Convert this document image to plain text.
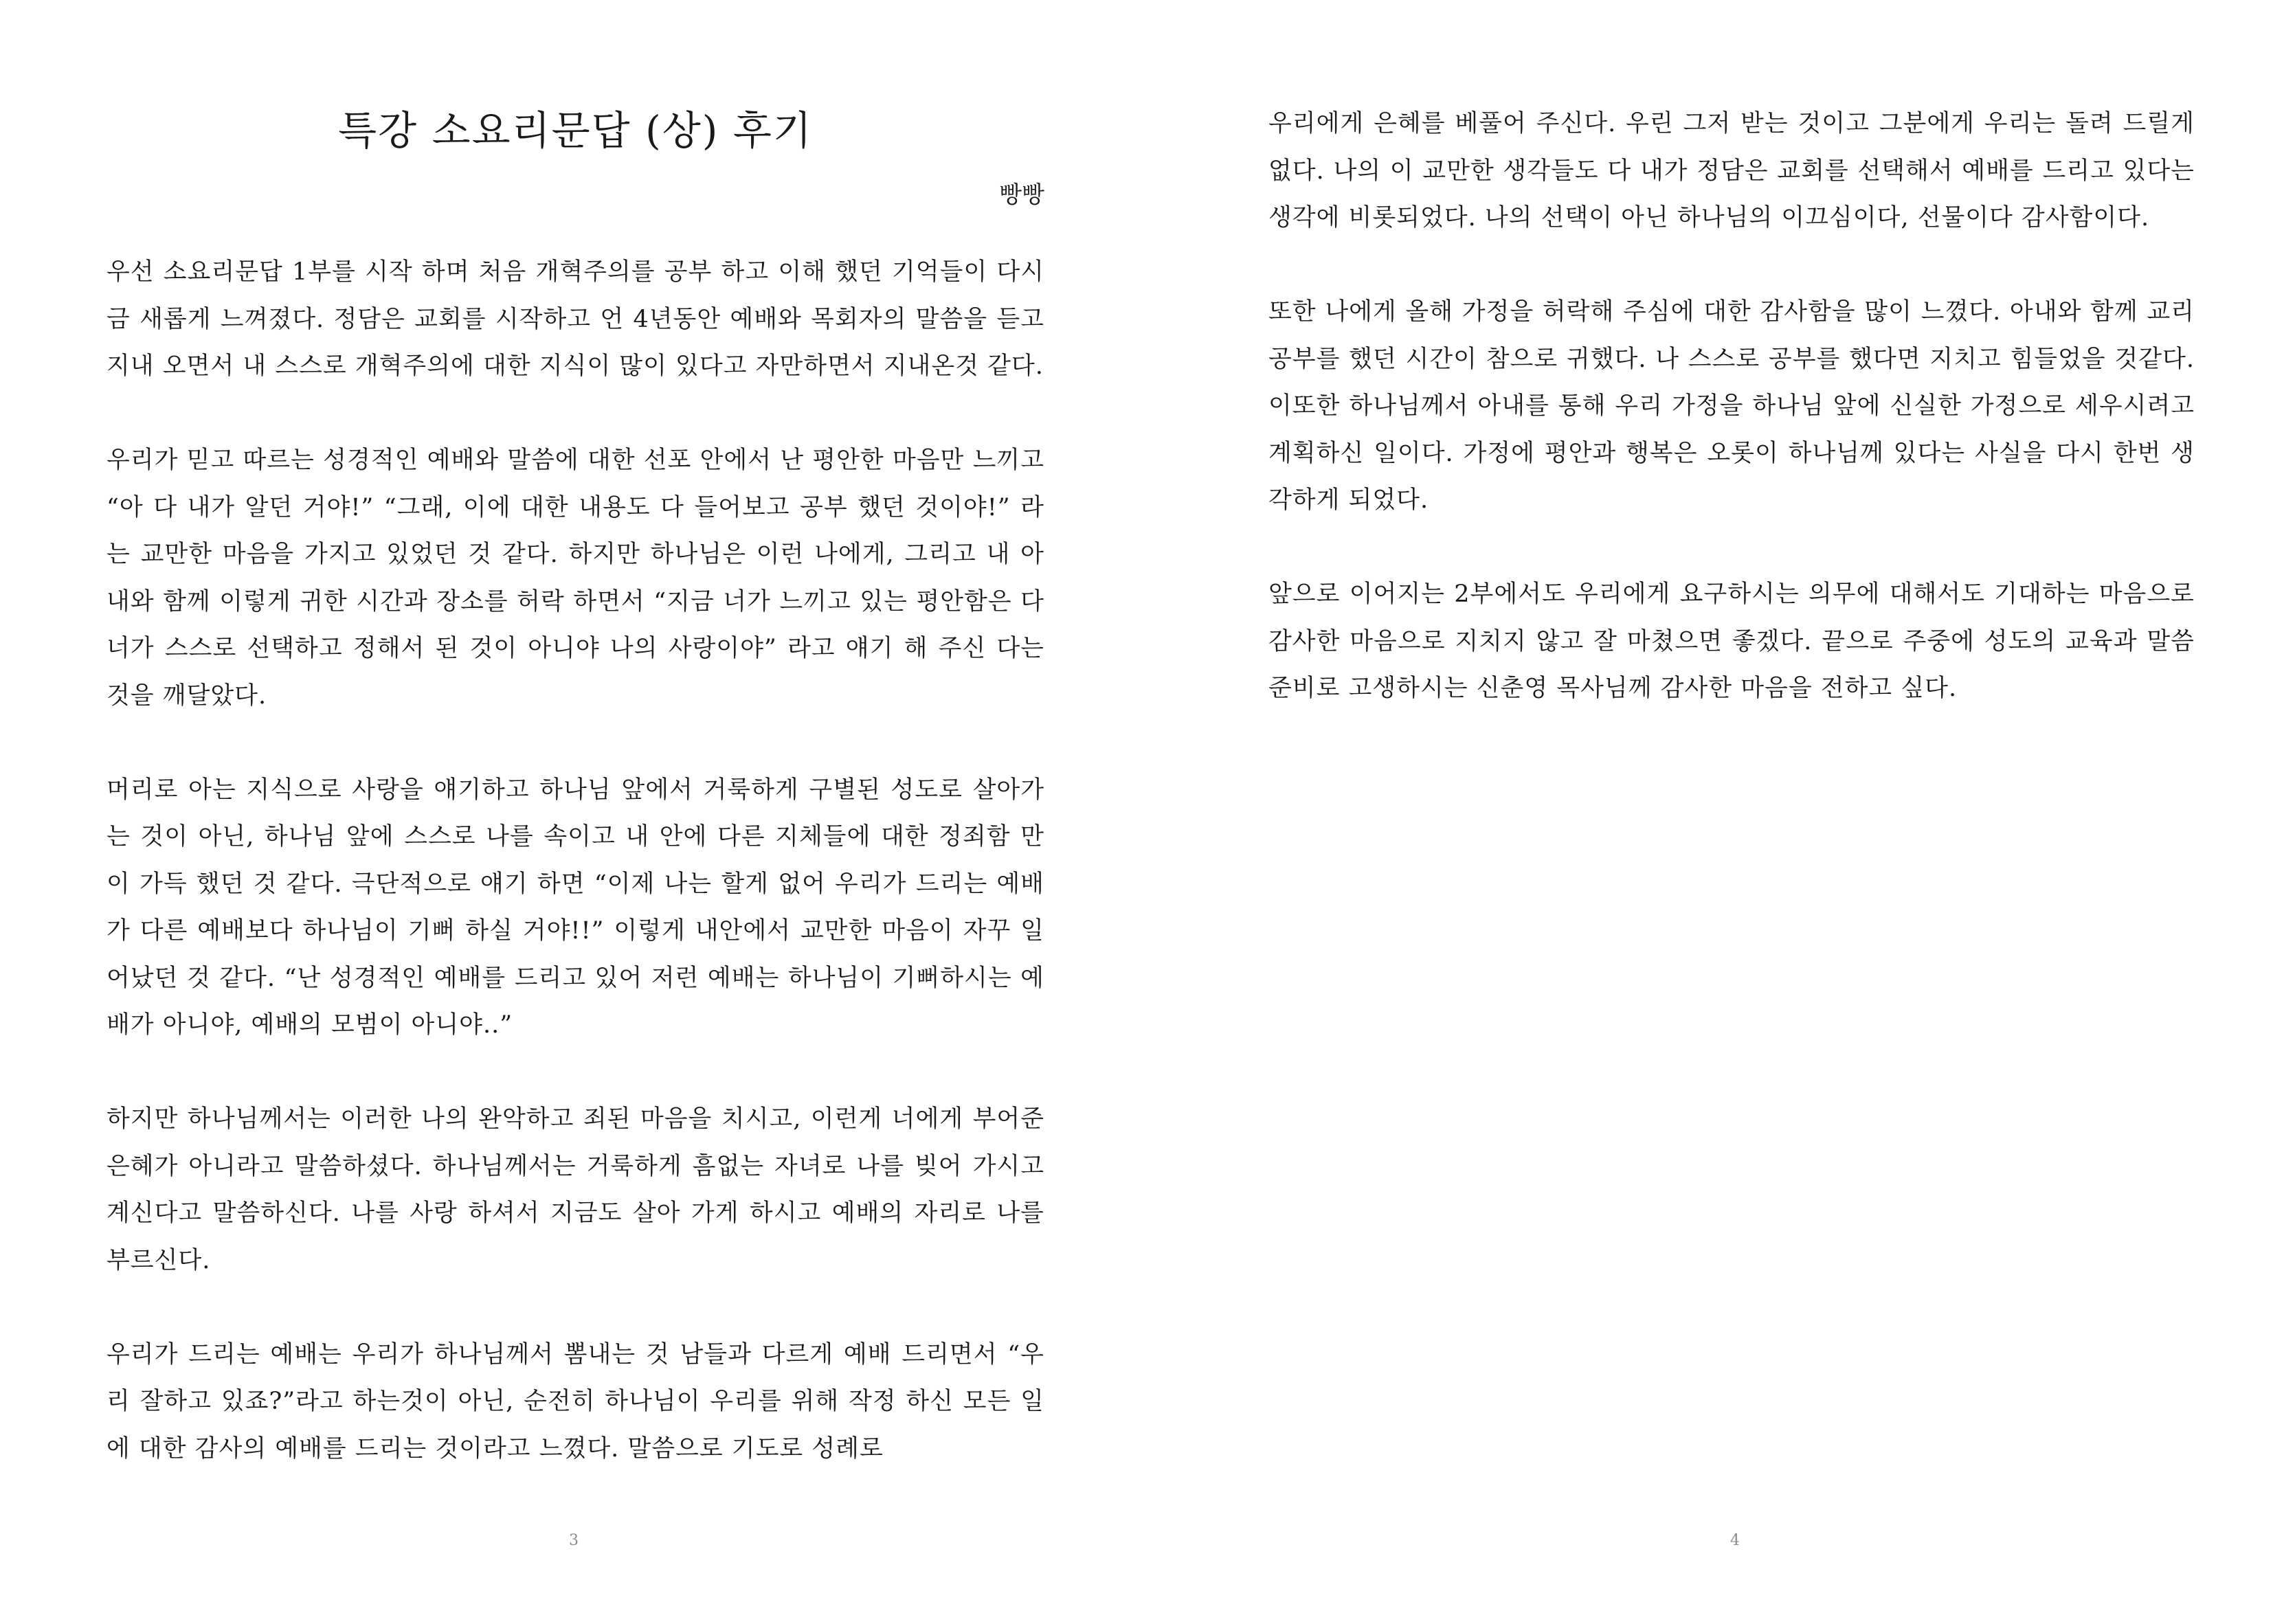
특강 소요리문답 (상) 후기
빵빵

우선 소요리문답 1부를 시작 하며 처음 개혁주의를 공부 하고 이해 했던 기억들이 다시금 새롭게 느껴졌다. 정담은 교회를 시작하고 언 4년동안 예배와 목회자의 말씀을 듣고 지내 오면서 내 스스로 개혁주의에 대한 지식이 많이 있다고 자만하면서 지내온것 같다.

우리가 믿고 따르는 성경적인 예배와 말씀에 대한 선포 안에서 난 평안한 마음만 느끼고 “아 다 내가 알던 거야!” “그래, 이에 대한 내용도 다 들어보고 공부 했던 것이야!” 라는 교만한 마음을 가지고 있었던 것 같다. 하지만 하나님은 이런 나에게, 그리고 내 아내와 함께 이렇게 귀한 시간과 장소를 허락 하면서 “지금 너가 느끼고 있는 평안함은 다 너가 스스로 선택하고 정해서 된 것이 아니야 나의 사랑이야” 라고 얘기 해 주신 다는 것을 깨달았다.

머리로 아는 지식으로 사랑을 얘기하고 하나님 앞에서 거룩하게 구별된 성도로 살아가는 것이 아닌, 하나님 앞에 스스로 나를 속이고 내 안에 다른 지체들에 대한 정죄함 만이 가득 했던 것 같다. 극단적으로 얘기 하면 “이제 나는 할게 없어 우리가 드리는 예배가 다른 예배보다 하나님이 기뻐 하실 거야!!” 이렇게 내안에서 교만한 마음이 자꾸 일어났던 것 같다. “난 성경적인 예배를 드리고 있어 저런 예배는 하나님이 기뻐하시는 예배가 아니야, 예배의 모범이 아니야..”

하지만 하나님께서는 이러한 나의 완악하고 죄된 마음을 치시고, 이런게 너에게 부어준 은혜가 아니라고 말씀하셨다. 하나님께서는 거룩하게 흠없는 자녀로 나를 빚어 가시고 계신다고 말씀하신다. 나를 사랑 하셔서 지금도 살아 가게 하시고 예배의 자리로 나를 부르신다.

우리가 드리는 예배는 우리가 하나님께서 뽐내는 것 남들과 다르게 예배 드리면서 “우리 잘하고 있죠?”라고 하는것이 아닌, 순전히 하나님이 우리를 위해 작정 하신 모든 일에 대한 감사의 예배를 드리는 것이라고 느꼈다. 말씀으로 기도로 성례로

3

우리에게 은혜를 베풀어 주신다. 우린 그저 받는 것이고 그분에게 우리는 돌려 드릴게 없다. 나의 이 교만한 생각들도 다 내가 정담은 교회를 선택해서 예배를 드리고 있다는 생각에 비롯되었다. 나의 선택이 아닌 하나님의 이끄심이다, 선물이다 감사함이다.

또한 나에게 올해 가정을 허락해 주심에 대한 감사함을 많이 느꼈다. 아내와 함께 교리공부를 했던 시간이 참으로 귀했다. 나 스스로 공부를 했다면 지치고 힘들었을 것같다. 이또한 하나님께서 아내를 통해 우리 가정을 하나님 앞에 신실한 가정으로 세우시려고 계획하신 일이다. 가정에 평안과 행복은 오롯이 하나님께 있다는 사실을 다시 한번 생각하게 되었다.

앞으로 이어지는 2부에서도 우리에게 요구하시는 의무에 대해서도 기대하는 마음으로 감사한 마음으로 지치지 않고 잘 마쳤으면 좋겠다. 끝으로 주중에 성도의 교육과 말씀준비로 고생하시는 신춘영 목사님께 감사한 마음을 전하고 싶다.

4
